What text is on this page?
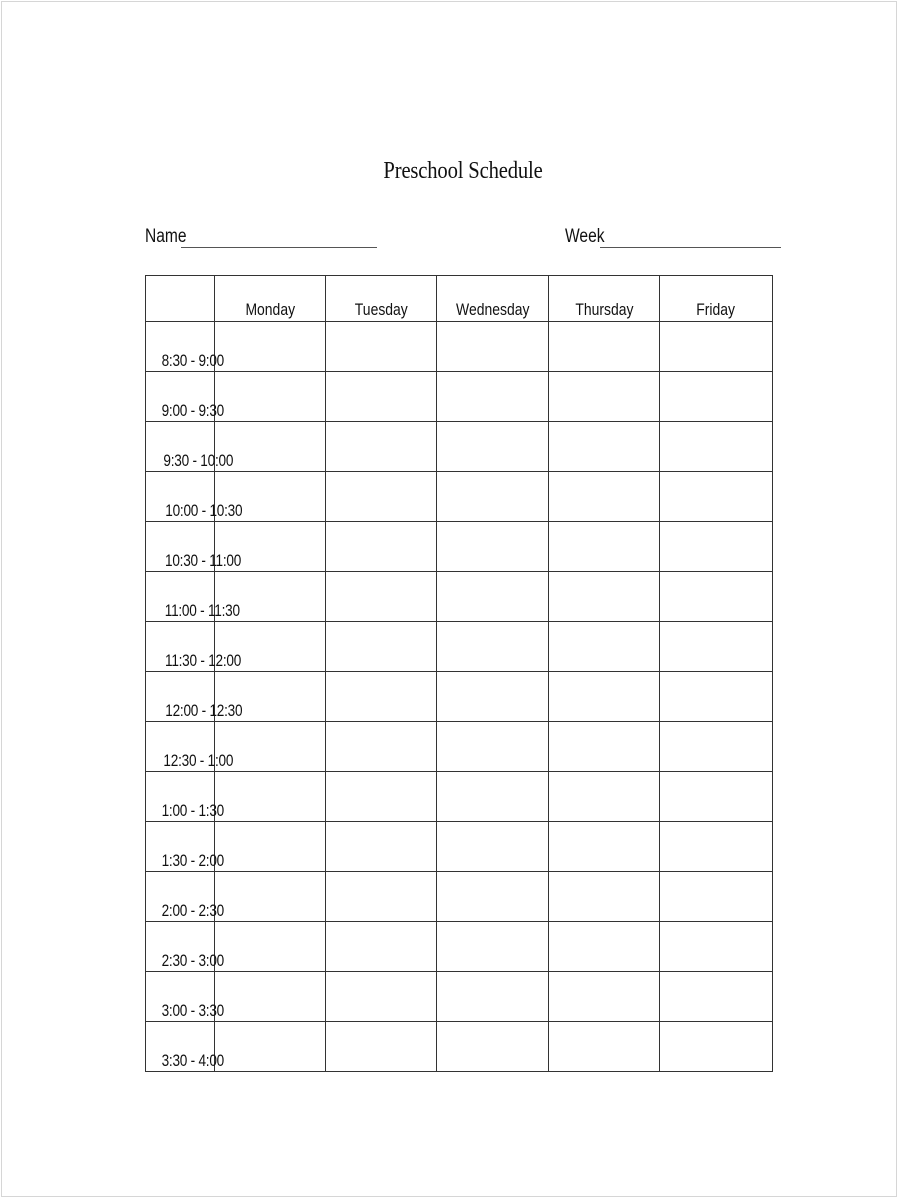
Preschool Schedule
Name	Week
	Monday	Tuesday	Wednesday	Thursday	Friday
8:30 - 9:00					
9:00 - 9:30					
9:30 - 10:00					
10:00 - 10:30					
10:30 - 11:00					
11:00 - 11:30					
11:30 - 12:00					
12:00 - 12:30					
12:30 - 1:00					
1:00 - 1:30					
1:30 - 2:00					
2:00 - 2:30					
2:30 - 3:00					
3:00 - 3:30					
3:30 - 4:00					
